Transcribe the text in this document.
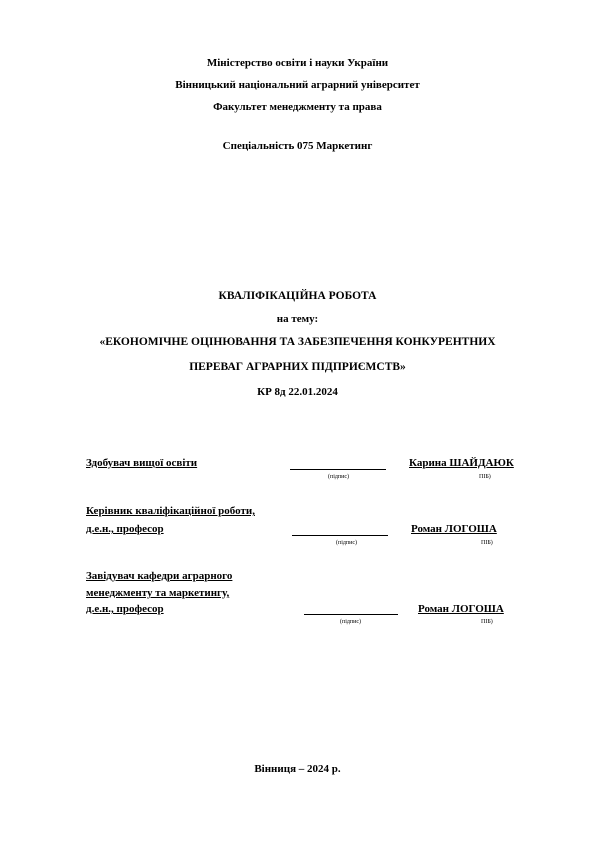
Міністерство освіти і науки України
Вінницький національний аграрний університет
Факультет менеджменту та права
Спеціальність 075 Маркетинг
КВАЛІФІКАЦІЙНА РОБОТА
на тему:
«ЕКОНОМІЧНЕ ОЦІНЮВАННЯ ТА ЗАБЕЗПЕЧЕННЯ КОНКУРЕНТНИХ
ПЕРЕВАГ АГРАРНИХ ПІДПРИЄМСТВ»
КР 8д 22.01.2024
Здобувач вищої освіти
(підпис)
Карина ШАЙДАЮК
ПІБ)
Керівник кваліфікаційної роботи,
д.е.н., професор
(підпис)
Роман ЛОГОША
ПІБ)
Завідувач кафедри аграрного
менеджменту та маркетингу,
д.е.н., професор
(підпис)
Роман ЛОГОША
ПІБ)
Вінниця – 2024 р.
